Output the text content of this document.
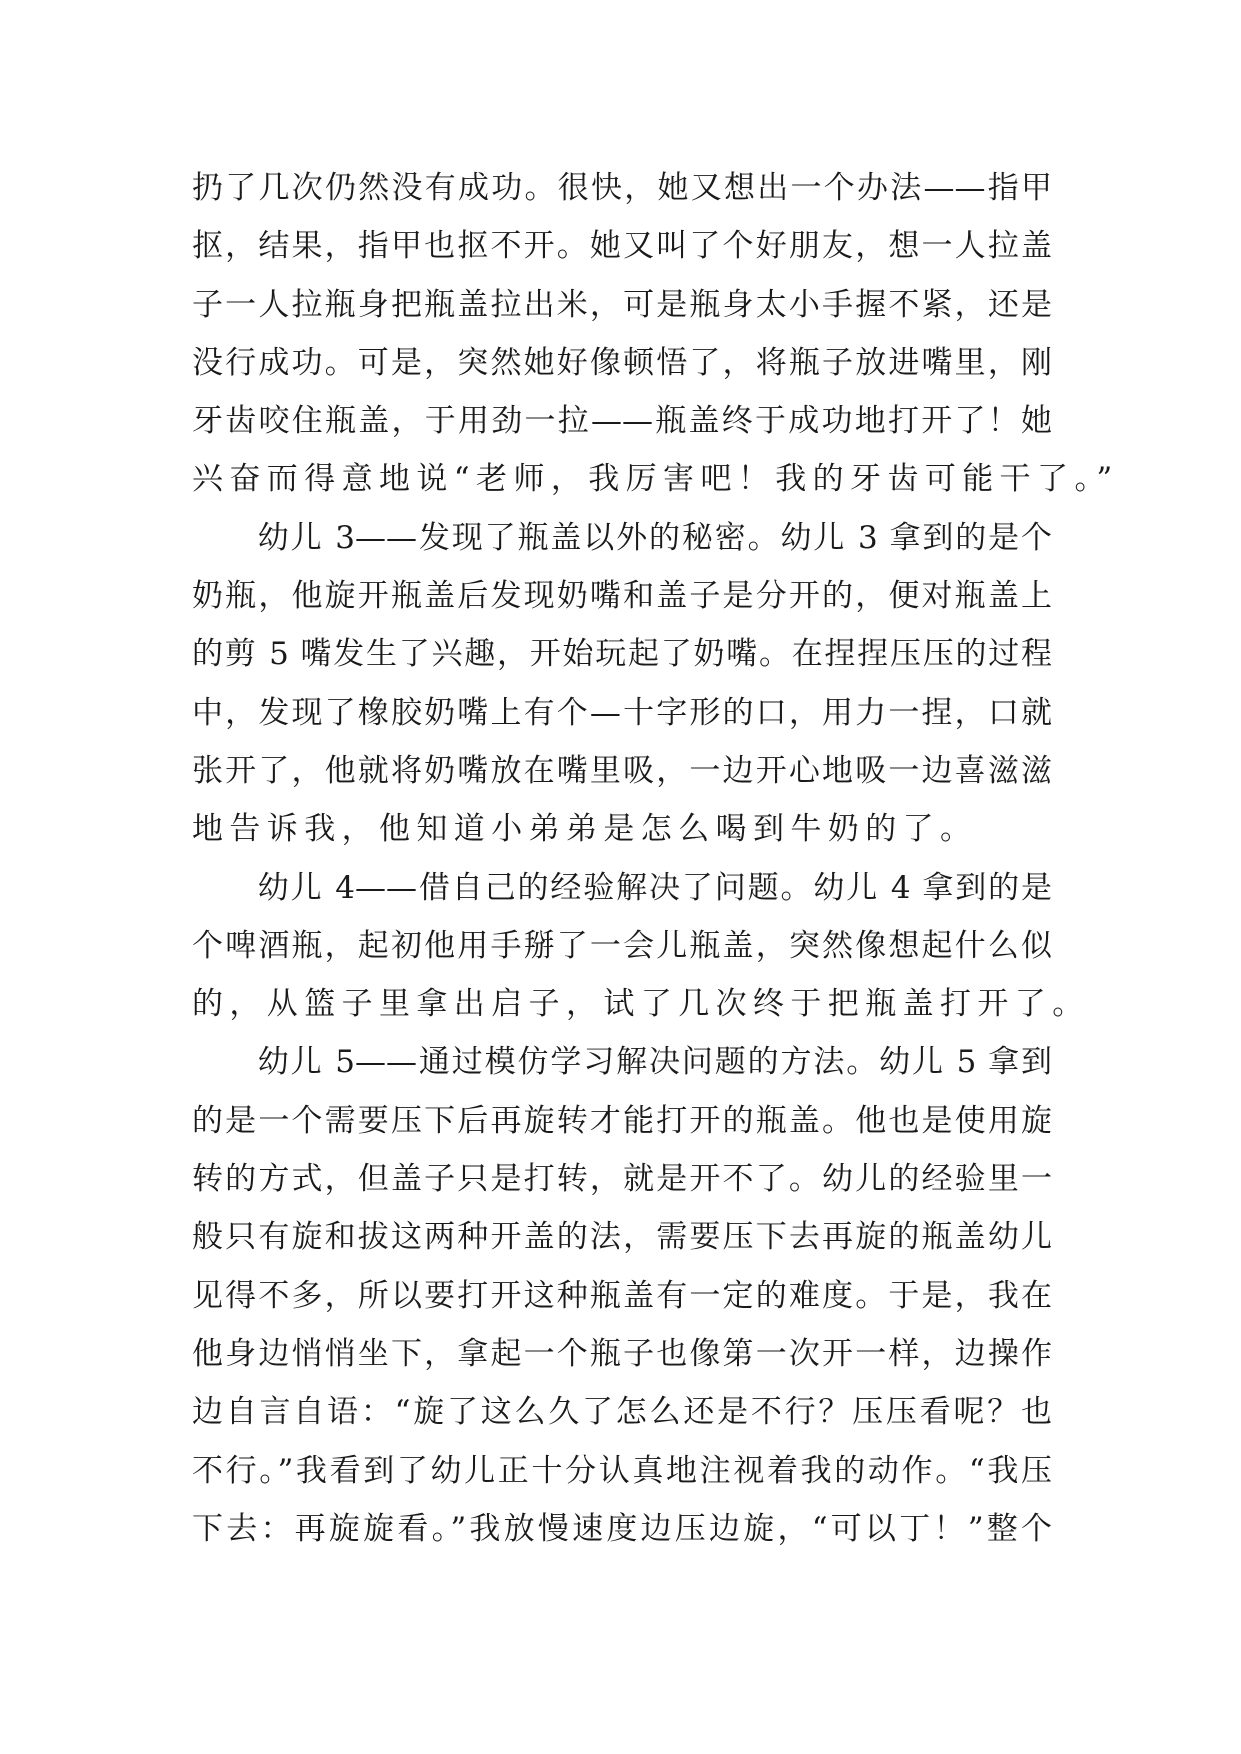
扔了几次仍然没有成功。很快，她又想出一个办法——指甲
抠，结果，指甲也抠不开。她又叫了个好朋友，想一人拉盖
子一人拉瓶身把瓶盖拉出米，可是瓶身太小手握不紧，还是
没行成功。可是，突然她好像顿悟了，将瓶子放进嘴里，刚
牙齿咬住瓶盖，于用劲一拉——瓶盖终于成功地打开了！她
兴奋而得意地说“老师，我厉害吧！我的牙齿可能干了。”
　　幼儿 3——发现了瓶盖以外的秘密。幼儿 3 拿到的是个
奶瓶，他旋开瓶盖后发现奶嘴和盖子是分开的，便对瓶盖上
的剪 5 嘴发生了兴趣，开始玩起了奶嘴。在捏捏压压的过程
中，发现了橡胶奶嘴上有个—十字形的口，用力一捏，口就
张开了，他就将奶嘴放在嘴里吸，一边开心地吸一边喜滋滋
地告诉我，他知道小弟弟是怎么喝到牛奶的了。
　　幼儿 4——借自己的经验解决了问题。幼儿 4 拿到的是
个啤酒瓶，起初他用手掰了一会儿瓶盖，突然像想起什么似
的，从篮子里拿出启子，试了几次终于把瓶盖打开了。
　　幼儿 5——通过模仿学习解决问题的方法。幼儿 5 拿到
的是一个需要压下后再旋转才能打开的瓶盖。他也是使用旋
转的方式，但盖子只是打转，就是开不了。幼儿的经验里一
般只有旋和拔这两种开盖的法，需要压下去再旋的瓶盖幼儿
见得不多，所以要打开这种瓶盖有一定的难度。于是，我在
他身边悄悄坐下，拿起一个瓶子也像第一次开一样，边操作
边自言自语：“旋了这么久了怎么还是不行？压压看呢？也
不行。”我看到了幼儿正十分认真地注视着我的动作。“我压
下去：再旋旋看。”我放慢速度边压边旋，“可以丁！”整个
